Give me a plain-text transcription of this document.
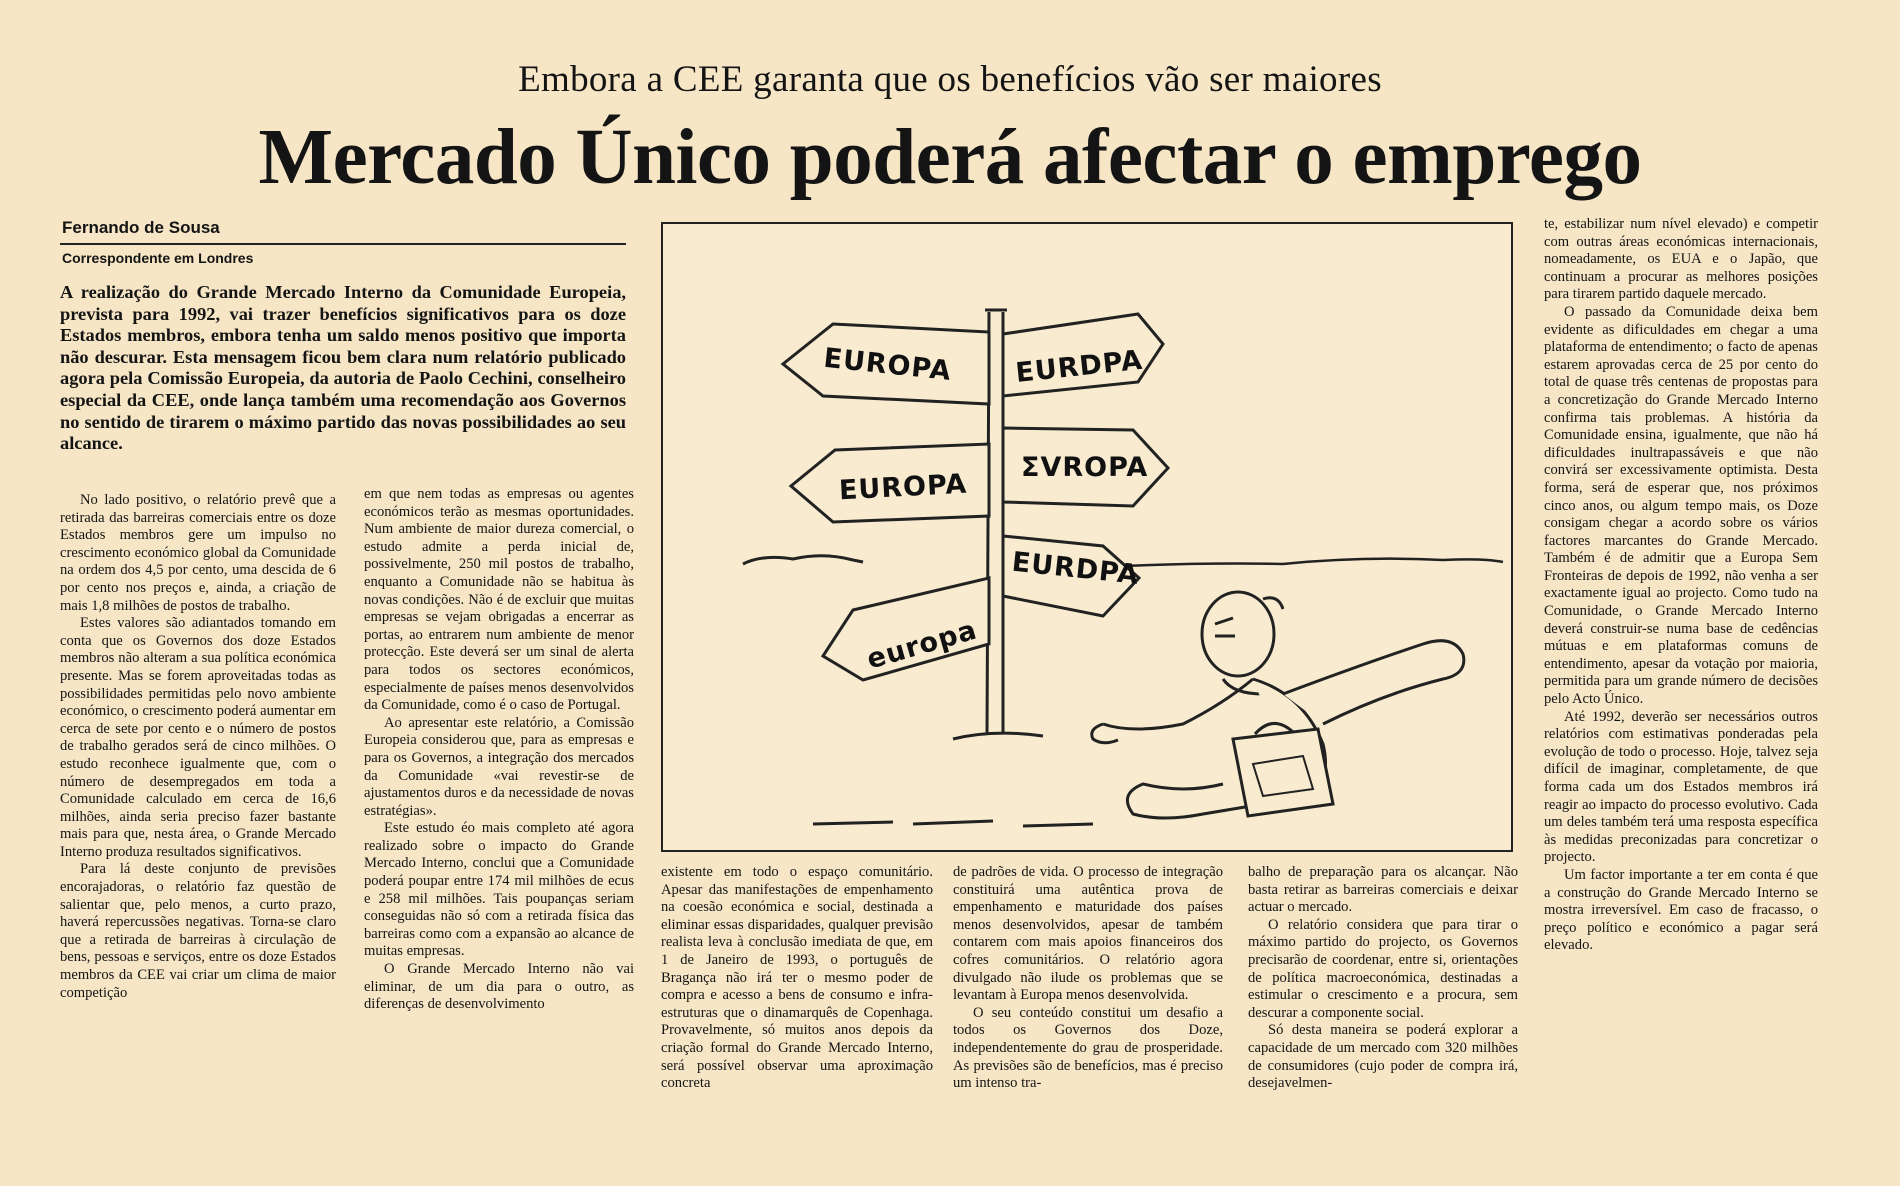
Embora a CEE garanta que os benefícios vão ser maiores
Mercado Único poderá afectar o emprego
Fernando de Sousa
Correspondente em Londres
A realização do Grande Mercado Interno da Comunidade Europeia, prevista para 1992, vai trazer benefícios significativos para os doze Estados membros, embora tenha um saldo menos positivo que importa não descurar. Esta mensagem ficou bem clara num relatório publicado agora pela Comissão Europeia, da autoria de Paolo Cechini, conselheiro especial da CEE, onde lança também uma recomendação aos Governos no sentido de tirarem o máximo partido das novas possibilidades ao seu alcance.

No lado positivo, o relatório prevê que a retirada das barreiras comerciais entre os doze Estados membros gere um impulso no crescimento económico global da Comunidade na ordem dos 4,5 por cento, uma descida de 6 por cento nos preços e, ainda, a criação de mais 1,8 milhões de postos de trabalho.

Estes valores são adiantados tomando em conta que os Governos dos doze Estados membros não alteram a sua política económica presente. Mas se forem aproveitadas todas as possibilidades permitidas pelo novo ambiente económico, o crescimento poderá aumentar em cerca de sete por cento e o número de postos de trabalho gerados será de cinco milhões. O estudo reconhece igualmente que, com o número de desempregados em toda a Comunidade calculado em cerca de 16,6 milhões, ainda seria preciso fazer bastante mais para que, nesta área, o Grande Mercado Interno produza resultados significativos.

Para lá deste conjunto de previsões encorajadoras, o relatório faz questão de salientar que, pelo menos, a curto prazo, haverá repercussões negativas. Torna-se claro que a retirada de barreiras à circulação de bens, pessoas e serviços, entre os doze Estados membros da CEE vai criar um clima de maior competição

em que nem todas as empresas ou agentes económicos terão as mesmas oportunidades. Num ambiente de maior dureza comercial, o estudo admite a perda inicial de, possivelmente, 250 mil postos de trabalho, enquanto a Comunidade não se habitua às novas condições. Não é de excluir que muitas empresas se vejam obrigadas a encerrar as portas, ao entrarem num ambiente de menor protecção. Este deverá ser um sinal de alerta para todos os sectores económicos, especialmente de países menos desenvolvidos da Comunidade, como é o caso de Portugal.

Ao apresentar este relatório, a Comissão Europeia considerou que, para as empresas e para os Governos, a integração dos mercados da Comunidade «vai revestir-se de ajustamentos duros e da necessidade de novas estratégias».

Este estudo éo mais completo até agora realizado sobre o impacto do Grande Mercado Interno, conclui que a Comunidade poderá poupar entre 174 mil milhões de ecus e 258 mil milhões. Tais poupanças seriam conseguidas não só com a retirada física das barreiras como com a expansão ao alcance de muitas empresas.

O Grande Mercado Interno não vai eliminar, de um dia para o outro, as diferenças de desenvolvimento

existente em todo o espaço comunitário. Apesar das manifestações de empenhamento na coesão económica e social, destinada a eliminar essas disparidades, qualquer previsão realista leva à conclusão imediata de que, em 1 de Janeiro de 1993, o português de Bragança não irá ter o mesmo poder de compra e acesso a bens de consumo e infra-estruturas que o dinamarquês de Copenhaga. Provavelmente, só muitos anos depois da criação formal do Grande Mercado Interno, será possível observar uma aproximação concreta

de padrões de vida. O processo de integração constituirá uma autêntica prova de empenhamento e maturidade dos países menos desenvolvidos, apesar de também contarem com mais apoios financeiros dos cofres comunitários. O relatório agora divulgado não ilude os problemas que se levantam à Europa menos desenvolvida.

O seu conteúdo constitui um desafio a todos os Governos dos Doze, independentemente do grau de prosperidade. As previsões são de benefícios, mas é preciso um intenso tra-

balho de preparação para os alcançar. Não basta retirar as barreiras comerciais e deixar actuar o mercado.

O relatório considera que para tirar o máximo partido do projecto, os Governos precisarão de coordenar, entre si, orientações de política macroeconómica, destinadas a estimular o crescimento e a procura, sem descurar a componente social.

Só desta maneira se poderá explorar a capacidade de um mercado com 320 milhões de consumidores (cujo poder de compra irá, desejavelmen-

te, estabilizar num nível elevado) e competir com outras áreas económicas internacionais, nomeadamente, os EUA e o Japão, que continuam a procurar as melhores posições para tirarem partido daquele mercado.

O passado da Comunidade deixa bem evidente as dificuldades em chegar a uma plataforma de entendimento; o facto de apenas estarem aprovadas cerca de 25 por cento do total de quase três centenas de propostas para a concretização do Grande Mercado Interno confirma tais problemas. A história da Comunidade ensina, igualmente, que não há dificuldades inultrapassáveis e que não convirá ser excessivamente optimista. Desta forma, será de esperar que, nos próximos cinco anos, ou algum tempo mais, os Doze consigam chegar a acordo sobre os vários factores marcantes do Grande Mercado. Também é de admitir que a Europa Sem Fronteiras de depois de 1992, não venha a ser exactamente igual ao projecto. Como tudo na Comunidade, o Grande Mercado Interno deverá construir-se numa base de cedências mútuas e em plataformas comuns de entendimento, apesar da votação por maioria, permitida para um grande número de decisões pelo Acto Único.

Até 1992, deverão ser necessários outros relatórios com estimativas ponderadas pela evolução de todo o processo. Hoje, talvez seja difícil de imaginar, completamente, de que forma cada um dos Estados membros irá reagir ao impacto do processo evolutivo. Cada um deles também terá uma resposta específica às medidas preconizadas para concretizar o projecto.

Um factor importante a ter em conta é que a construção do Grande Mercado Interno se mostra irreversível. Em caso de fracasso, o preço político e económico a pagar será elevado.

EUROPA EURDPA
EUROPA
ΣVROPA
EURDPA
europa
